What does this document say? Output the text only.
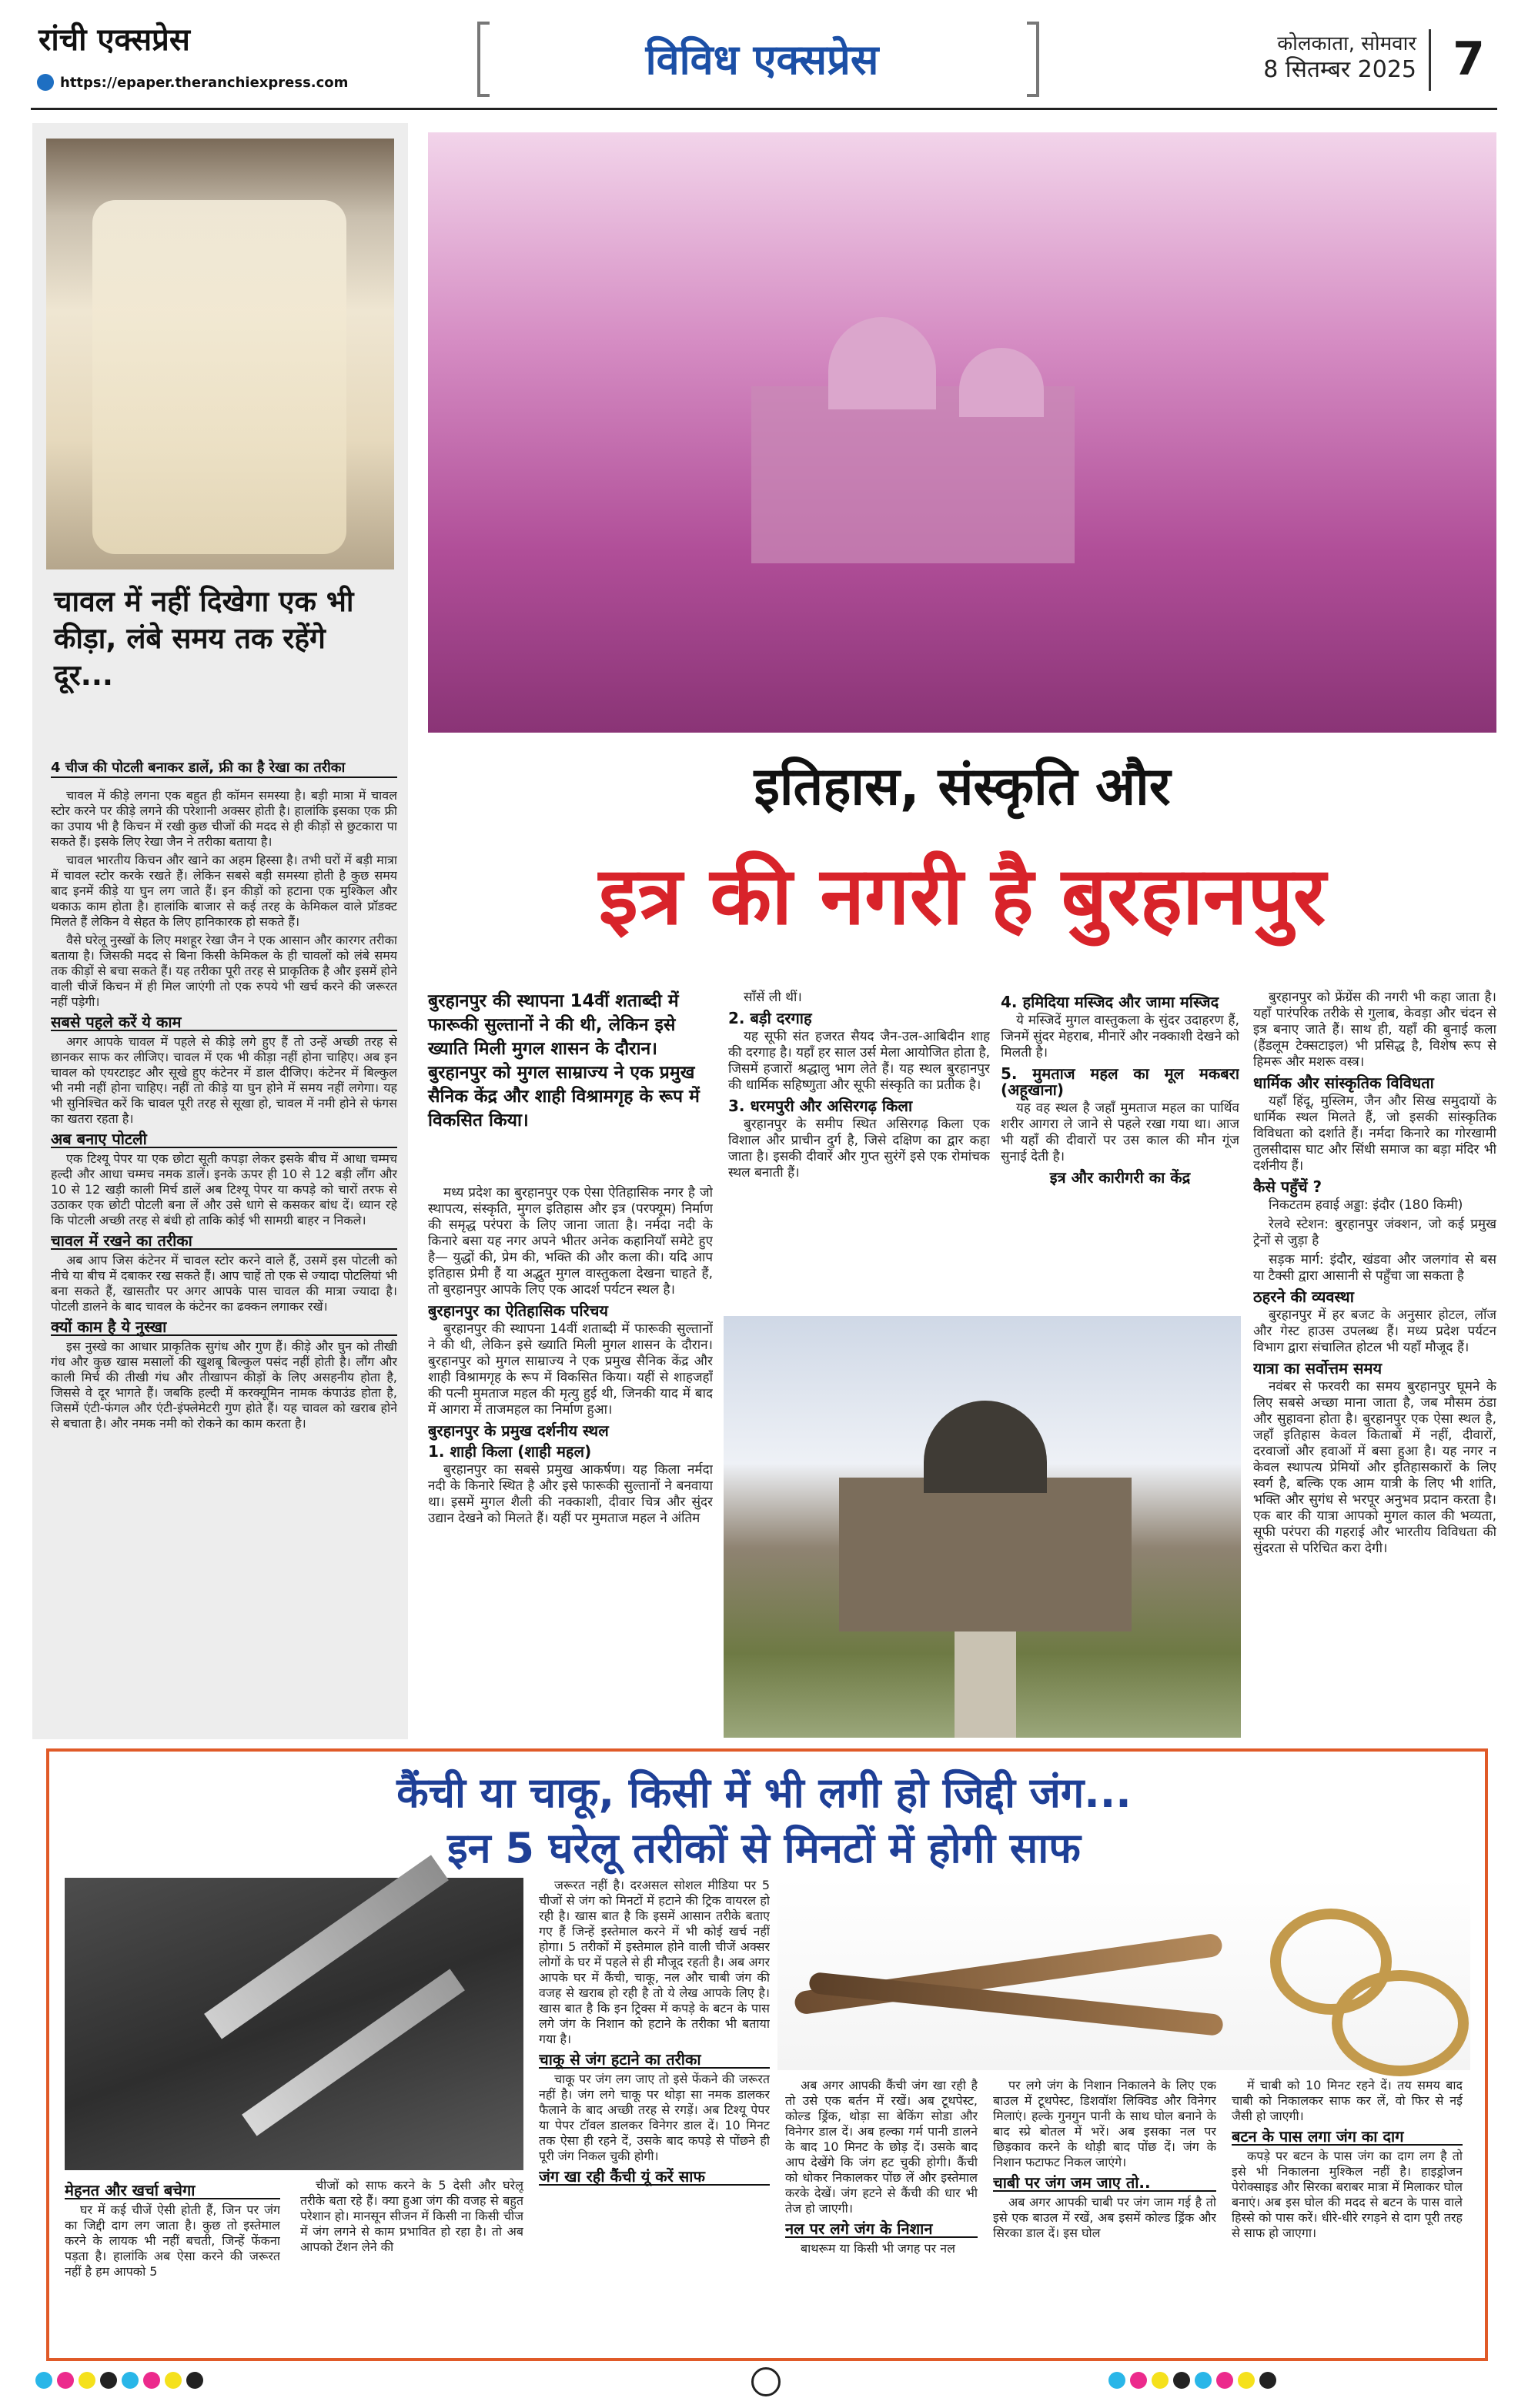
रांची एक्सप्रेस
https://epaper.theranchiexpress.com	विविध एक्सप्रेस	कोलकाता, सोमवार
8 सितम्बर 2025 7
चावल में नहीं दिखेगा एक भी कीड़ा, लंबे समय तक रहेंगे दूर...
4 चीज की पोटली बनाकर डालें, फ्री का है रेखा का तरीका

चावल में कीड़े लगना एक बहुत ही कॉमन समस्या है। बड़ी मात्रा में चावल स्टोर करने पर कीड़े लगने की परेशानी अक्सर होती है। हालांकि इसका एक फ्री का उपाय भी है किचन में रखी कुछ चीजों की मदद से ही कीड़ों से छुटकारा पा सकते हैं। इसके लिए रेखा जैन ने तरीका बताया है।

चावल भारतीय किचन और खाने का अहम हिस्सा है। तभी घरों में बड़ी मात्रा में चावल स्टोर करके रखते हैं। लेकिन सबसे बड़ी समस्या होती है कुछ समय बाद इनमें कीड़े या घुन लग जाते हैं। इन कीड़ों को हटाना एक मुश्किल और थकाऊ काम होता है। हालांकि बाजार से कई तरह के केमिकल वाले प्रॉडक्ट मिलते हैं लेकिन वे सेहत के लिए हानिकारक हो सकते हैं।

वैसे घरेलू नुस्खों के लिए मशहूर रेखा जैन ने एक आसान और कारगर तरीका बताया है। जिसकी मदद से बिना किसी केमिकल के ही चावलों को लंबे समय तक कीड़ों से बचा सकते हैं। यह तरीका पूरी तरह से प्राकृतिक है और इसमें होने वाली चीजें किचन में ही मिल जाएंगी तो एक रुपये भी खर्च करने की जरूरत नहीं पड़ेगी।

सबसे पहले करें ये काम

अगर आपके चावल में पहले से कीड़े लगे हुए हैं तो उन्हें अच्छी तरह से छानकर साफ कर लीजिए। चावल में एक भी कीड़ा नहीं होना चाहिए। अब इन चावल को एयरटाइट और सूखे हुए कंटेनर में डाल दीजिए। कंटेनर में बिल्कुल भी नमी नहीं होना चाहिए। नहीं तो कीड़े या घुन होने में समय नहीं लगेगा। यह भी सुनिश्चित करें कि चावल पूरी तरह से सूखा हो, चावल में नमी होने से फंगस का खतरा रहता है।

अब बनाए पोटली

एक टिश्यू पेपर या एक छोटा सूती कपड़ा लेकर इसके बीच में आधा चम्मच हल्दी और आधा चम्मच नमक डालें। इनके ऊपर ही 10 से 12 बड़ी लौंग और 10 से 12 खड़ी काली मिर्च डालें अब टिश्यू पेपर या कपड़े को चारों तरफ से उठाकर एक छोटी पोटली बना लें और उसे धागे से कसकर बांध दें। ध्यान रहे कि पोटली अच्छी तरह से बंधी हो ताकि कोई भी सामग्री बाहर न निकले।

चावल में रखने का तरीका

अब आप जिस कंटेनर में चावल स्टोर करने वाले हैं, उसमें इस पोटली को नीचे या बीच में दबाकर रख सकते हैं। आप चाहें तो एक से ज्यादा पोटलियां भी बना सकते हैं, खासतौर पर अगर आपके पास चावल की मात्रा ज्यादा है। पोटली डालने के बाद चावल के कंटेनर का ढक्कन लगाकर रखें।

क्यों काम है ये नुस्खा

इस नुस्खे का आधार प्राकृतिक सुगंध और गुण हैं। कीड़े और घुन को तीखी गंध और कुछ खास मसालों की खुशबू बिल्कुल पसंद नहीं होती है। लौंग और काली मिर्च की तीखी गंध और तीखापन कीड़ों के लिए असहनीय होता है, जिससे वे दूर भागते हैं। जबकि हल्दी में करक्यूमिन नामक कंपाउंड होता है, जिसमें एंटी-फंगल और एंटी-इंफ्लेमेटरी गुण होते हैं। यह चावल को खराब होने से बचाता है। और नमक नमी को रोकने का काम करता है।

इतिहास, संस्कृति और
इत्र की नगरी है बुरहानपुर
बुरहानपुर की स्थापना 14वीं शताब्दी में फारूकी सुल्तानों ने की थी, लेकिन इसे ख्याति मिली मुगल शासन के दौरान। बुरहानपुर को मुगल साम्राज्य ने एक प्रमुख सैनिक केंद्र और शाही विश्रामगृह के रूप में विकसित किया।

मध्य प्रदेश का बुरहानपुर एक ऐसा ऐतिहासिक नगर है जो स्थापत्य, संस्कृति, मुगल इतिहास और इत्र (परफ्यूम) निर्माण की समृद्ध परंपरा के लिए जाना जाता है। नर्मदा नदी के किनारे बसा यह नगर अपने भीतर अनेक कहानियाँ समेटे हुए है— युद्धों की, प्रेम की, भक्ति की और कला की। यदि आप इतिहास प्रेमी हैं या अद्भुत मुगल वास्तुकला देखना चाहते हैं, तो बुरहानपुर आपके लिए एक आदर्श पर्यटन स्थल है।

बुरहानपुर का ऐतिहासिक परिचय

बुरहानपुर की स्थापना 14वीं शताब्दी में फारूकी सुल्तानों ने की थी, लेकिन इसे ख्याति मिली मुगल शासन के दौरान। बुरहानपुर को मुगल साम्राज्य ने एक प्रमुख सैनिक केंद्र और शाही विश्रामगृह के रूप में विकसित किया। यहीं से शाहजहाँ की पत्नी मुमताज महल की मृत्यु हुई थी, जिनकी याद में बाद में आगरा में ताजमहल का निर्माण हुआ।

बुरहानपुर के प्रमुख दर्शनीय स्थल
1. शाही किला (शाही महल)

बुरहानपुर का सबसे प्रमुख आकर्षण। यह किला नर्मदा नदी के किनारे स्थित है और इसे फारूकी सुल्तानों ने बनवाया था। इसमें मुगल शैली की नक्काशी, दीवार चित्र और सुंदर उद्यान देखने को मिलते हैं। यहीं पर मुमताज महल ने अंतिम

साँसें ली थीं।

2. बड़ी दरगाह

यह सूफी संत हजरत सैयद जैन-उल-आबिदीन शाह की दरगाह है। यहाँ हर साल उर्स मेला आयोजित होता है, जिसमें हजारों श्रद्धालु भाग लेते हैं। यह स्थल बुरहानपुर की धार्मिक सहिष्णुता और सूफी संस्कृति का प्रतीक है।

3. धरमपुरी और असिरगढ़ किला

बुरहानपुर के समीप स्थित असिरगढ़ किला एक विशाल और प्राचीन दुर्ग है, जिसे दक्षिण का द्वार कहा जाता है। इसकी दीवारें और गुप्त सुरंगें इसे एक रोमांचक स्थल बनाती हैं।

4. हमिदिया मस्जिद और जामा मस्जिद

ये मस्जिदें मुगल वास्तुकला के सुंदर उदाहरण हैं, जिनमें सुंदर मेहराब, मीनारें और नक्काशी देखने को मिलती है।

5. मुमताज महल का मूल मकबरा (अहूखाना)

यह वह स्थल है जहाँ मुमताज महल का पार्थिव शरीर आगरा ले जाने से पहले रखा गया था। आज भी यहाँ की दीवारों पर उस काल की मौन गूंज सुनाई देती है।

इत्र और कारीगरी का केंद्र

बुरहानपुर को फ्रेंग्रेंस की नगरी भी कहा जाता है। यहाँ पारंपरिक तरीके से गुलाब, केवड़ा और चंदन से इत्र बनाए जाते हैं। साथ ही, यहाँ की बुनाई कला (हैंडलूम टेक्सटाइल) भी प्रसिद्ध है, विशेष रूप से हिमरू और मशरू वस्त्र।

धार्मिक और सांस्कृतिक विविधता

यहाँ हिंदू, मुस्लिम, जैन और सिख समुदायों के धार्मिक स्थल मिलते हैं, जो इसकी सांस्कृतिक विविधता को दर्शाते हैं। नर्मदा किनारे का गोरखामी तुलसीदास घाट और सिंधी समाज का बड़ा मंदिर भी दर्शनीय हैं।

कैसे पहुँचें ?

निकटतम हवाई अड्डा: इंदौर (180 किमी)

रेलवे स्टेशन: बुरहानपुर जंक्शन, जो कई प्रमुख ट्रेनों से जुड़ा है

सड़क मार्ग: इंदौर, खंडवा और जलगांव से बस या टैक्सी द्वारा आसानी से पहुँचा जा सकता है

ठहरने की व्यवस्था

बुरहानपुर में हर बजट के अनुसार होटल, लॉज और गेस्ट हाउस उपलब्ध हैं। मध्य प्रदेश पर्यटन विभाग द्वारा संचालित होटल भी यहाँ मौजूद हैं।

यात्रा का सर्वोत्तम समय

नवंबर से फरवरी का समय बुरहानपुर घूमने के लिए सबसे अच्छा माना जाता है, जब मौसम ठंडा और सुहावना होता है। बुरहानपुर एक ऐसा स्थल है, जहाँ इतिहास केवल किताबों में नहीं, दीवारों, दरवाजों और हवाओं में बसा हुआ है। यह नगर न केवल स्थापत्य प्रेमियों और इतिहासकारों के लिए स्वर्ग है, बल्कि एक आम यात्री के लिए भी शांति, भक्ति और सुगंध से भरपूर अनुभव प्रदान करता है। एक बार की यात्रा आपको मुगल काल की भव्यता, सूफी परंपरा की गहराई और भारतीय विविधता की सुंदरता से परिचित करा देगी।

कैंची या चाकू, किसी में भी लगी हो जिद्दी जंग...
इन 5 घरेलू तरीकों से मिनटों में होगी साफ
मेहनत और खर्चा बचेगा

घर में कई चीजें ऐसी होती हैं, जिन पर जंग का जिद्दी दाग लग जाता है। कुछ तो इस्तेमाल करने के लायक भी नहीं बचती, जिन्हें फेंकना पड़ता है। हालांकि अब ऐसा करने की जरूरत नहीं है हम आपको 5

चीजों को साफ करने के 5 देसी और घरेलू तरीके बता रहे हैं। क्या हुआ जंग की वजह से बहुत परेशान हो। मानसून सीजन में किसी ना किसी चीज में जंग लगने से काम प्रभावित हो रहा है। तो अब आपको टेंशन लेने की

जरूरत नहीं है। दरअसल सोशल मीडिया पर 5 चीजों से जंग को मिनटों में हटाने की ट्रिक वायरल हो रही है। खास बात है कि इसमें आसान तरीके बताए गए हैं जिन्हें इस्तेमाल करने में भी कोई खर्च नहीं होगा। 5 तरीकों में इस्तेमाल होने वाली चीजें अक्सर लोगों के घर में पहले से ही मौजूद रहती है। अब अगर आपके घर में कैंची, चाकू, नल और चाबी जंग की वजह से खराब हो रही है तो ये लेख आपके लिए है। खास बात है कि इन ट्रिक्स में कपड़े के बटन के पास लगे जंग के निशान को हटाने के तरीका भी बताया गया है।

चाकू से जंग हटाने का तरीका

चाकू पर जंग लग जाए तो इसे फेंकने की जरूरत नहीं है। जंग लगे चाकू पर थोड़ा सा नमक डालकर फैलाने के बाद अच्छी तरह से रगड़ें। अब टिश्यू पेपर या पेपर टॉवल डालकर विनेगर डाल दें। 10 मिनट तक ऐसा ही रहने दें, उसके बाद कपड़े से पोंछने ही पूरी जंग निकल चुकी होगी।

जंग खा रही कैंची यूं करें साफ

अब अगर आपकी कैंची जंग खा रही है तो उसे एक बर्तन में रखें। अब टूथपेस्ट, कोल्ड ड्रिंक, थोड़ा सा बेकिंग सोडा और विनेगर डाल दें। अब हल्का गर्म पानी डालने के बाद 10 मिनट के छोड़ दें। उसके बाद आप देखेंगे कि जंग हट चुकी होगी। कैंची को धोकर निकालकर पोंछ लें और इस्तेमाल करके देखें। जंग हटने से कैंची की धार भी तेज हो जाएगी।

नल पर लगे जंग के निशान

बाथरूम या किसी भी जगह पर नल

पर लगे जंग के निशान निकालने के लिए एक बाउल में टूथपेस्ट, डिशवॉश लिक्विड और विनेगर मिलाएं। हल्के गुनगुन पानी के साथ घोल बनाने के बाद स्प्रे बोतल में भरें। अब इसका नल पर छिड़काव करने के थोड़ी बाद पोंछ दें। जंग के निशान फटाफट निकल जाएंगे।

चाबी पर जंग जम जाए तो..

अब अगर आपकी चाबी पर जंग जाम गई है तो इसे एक बाउल में रखें, अब इसमें कोल्ड ड्रिंक और सिरका डाल दें। इस घोल

में चाबी को 10 मिनट रहने दें। तय समय बाद चाबी को निकालकर साफ कर लें, वो फिर से नई जैसी हो जाएगी।

बटन के पास लगा जंग का दाग

कपड़े पर बटन के पास जंग का दाग लग है तो इसे भी निकालना मुश्किल नहीं है। हाइड्रोजन पेरोक्साइड और सिरका बराबर मात्रा में मिलाकर घोल बनाएं। अब इस घोल की मदद से बटन के पास वाले हिस्से को पास करें। धीरे-धीरे रगड़ने से दाग पूरी तरह से साफ हो जाएगा।
